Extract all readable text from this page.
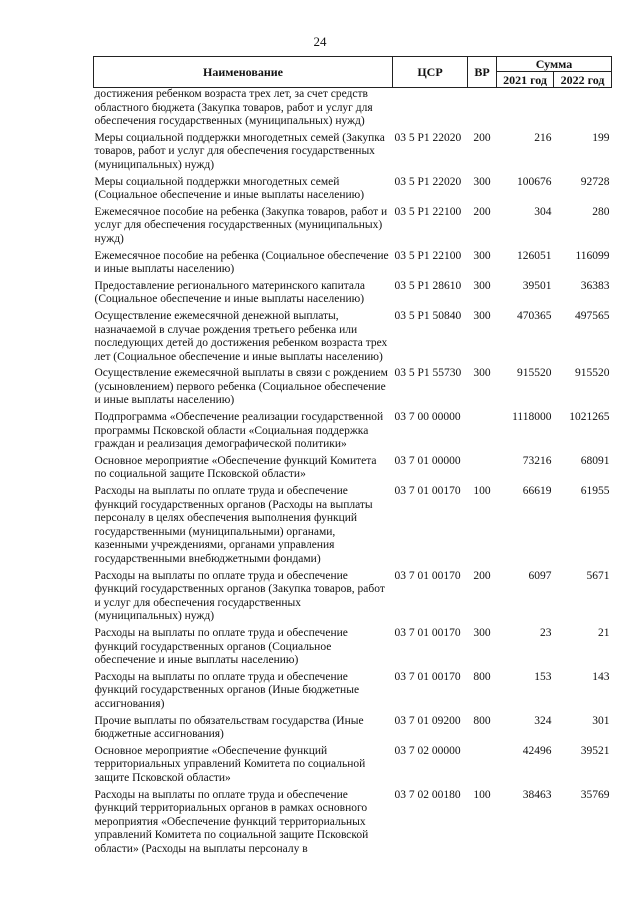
24
Наименование	ЦСР	ВР	Сумма	
			2021 год	2022 год
достижения ребенком возраста трех лет, за счет средств областного бюджета (Закупка товаров, работ и услуг для обеспечения государственных (муниципальных) нужд)				
Меры социальной поддержки многодетных семей (Закупка товаров, работ и услуг для обеспечения государственных (муниципальных) нужд)	03 5 P1 22020	200	216	199
Меры социальной поддержки многодетных семей (Социальное обеспечение и иные выплаты населению)	03 5 P1 22020	300	100676	92728
Ежемесячное пособие на ребенка (Закупка товаров, работ и услуг для обеспечения государственных (муниципальных) нужд)	03 5 P1 22100	200	304	280
Ежемесячное пособие на ребенка (Социальное обеспечение и иные выплаты населению)	03 5 P1 22100	300	126051	116099
Предоставление регионального материнского капитала (Социальное обеспечение и иные выплаты населению)	03 5 P1 28610	300	39501	36383
Осуществление ежемесячной денежной выплаты, назначаемой в случае рождения третьего ребенка или последующих детей до достижения ребенком возраста трех лет (Социальное обеспечение и иные выплаты населению)	03 5 P1 50840	300	470365	497565
Осуществление ежемесячной выплаты в связи с рождением (усыновлением) первого ребенка (Социальное обеспечение и иные выплаты населению)	03 5 P1 55730	300	915520	915520
Подпрограмма «Обеспечение реализации государственной программы Псковской области «Социальная поддержка граждан и реализация демографической политики»	03 7 00 00000		1118000	1021265
Основное мероприятие «Обеспечение функций Комитета по социальной защите Псковской области»	03 7 01 00000		73216	68091
Расходы на выплаты по оплате труда и обеспечение функций государственных органов (Расходы на выплаты персоналу в целях обеспечения выполнения функций государственными (муниципальными) органами, казенными учреждениями, органами управления государственными внебюджетными фондами)	03 7 01 00170	100	66619	61955
Расходы на выплаты по оплате труда и обеспечение функций государственных органов (Закупка товаров, работ и услуг для обеспечения государственных (муниципальных) нужд)	03 7 01 00170	200	6097	5671
Расходы на выплаты по оплате труда и обеспечение функций государственных органов (Социальное обеспечение и иные выплаты населению)	03 7 01 00170	300	23	21
Расходы на выплаты по оплате труда и обеспечение функций государственных органов (Иные бюджетные ассигнования)	03 7 01 00170	800	153	143
Прочие выплаты по обязательствам государства (Иные бюджетные ассигнования)	03 7 01 09200	800	324	301
Основное мероприятие «Обеспечение функций территориальных управлений Комитета по социальной защите Псковской области»	03 7 02 00000		42496	39521
Расходы на выплаты по оплате труда и обеспечение функций территориальных органов в рамках основного мероприятия «Обеспечение функций территориальных управлений Комитета по социальной защите Псковской области» (Расходы на выплаты персоналу в	03 7 02 00180	100	38463	35769
